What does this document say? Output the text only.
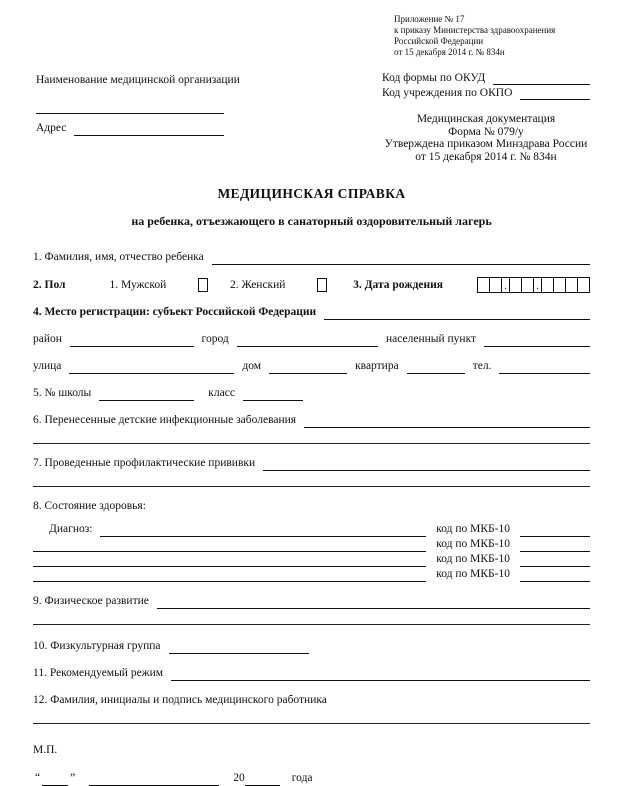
Приложение № 17
к приказу Министерства здравоохранения
Российской Федерации
от 15 декабря 2014 г. № 834н
Наименование медицинской организации
Адрес
Код формы по ОКУД
Код учреждения по ОКПО
Медицинская документация
Форма № 079/у
Утверждена приказом Минздрава России
от 15 декабря 2014 г. № 834н
МЕДИЦИНСКАЯ СПРАВКА
на ребенка, отъезжающего в санаторный оздоровительный лагерь
1. Фамилия, имя, отчество ребенка
2. Пол	1. Мужской	2. Женский	3. Дата рождения	.	.
4. Место регистрации: субъект Российской Федерации
район	город	населенный пункт
улица	дом	квартира	тел.
5. № школы	класс
6. Перенесенные детские инфекционные заболевания
7. Проведенные профилактические прививки
8. Состояние здоровья:
Диагноз:	код по МКБ-10
код по МКБ-10
код по МКБ-10
код по МКБ-10
9. Физическое развитие
10. Физкультурная группа
11. Рекомендуемый режим
12. Фамилия, инициалы и подпись медицинского работника
М.П.
“	”	20	года
